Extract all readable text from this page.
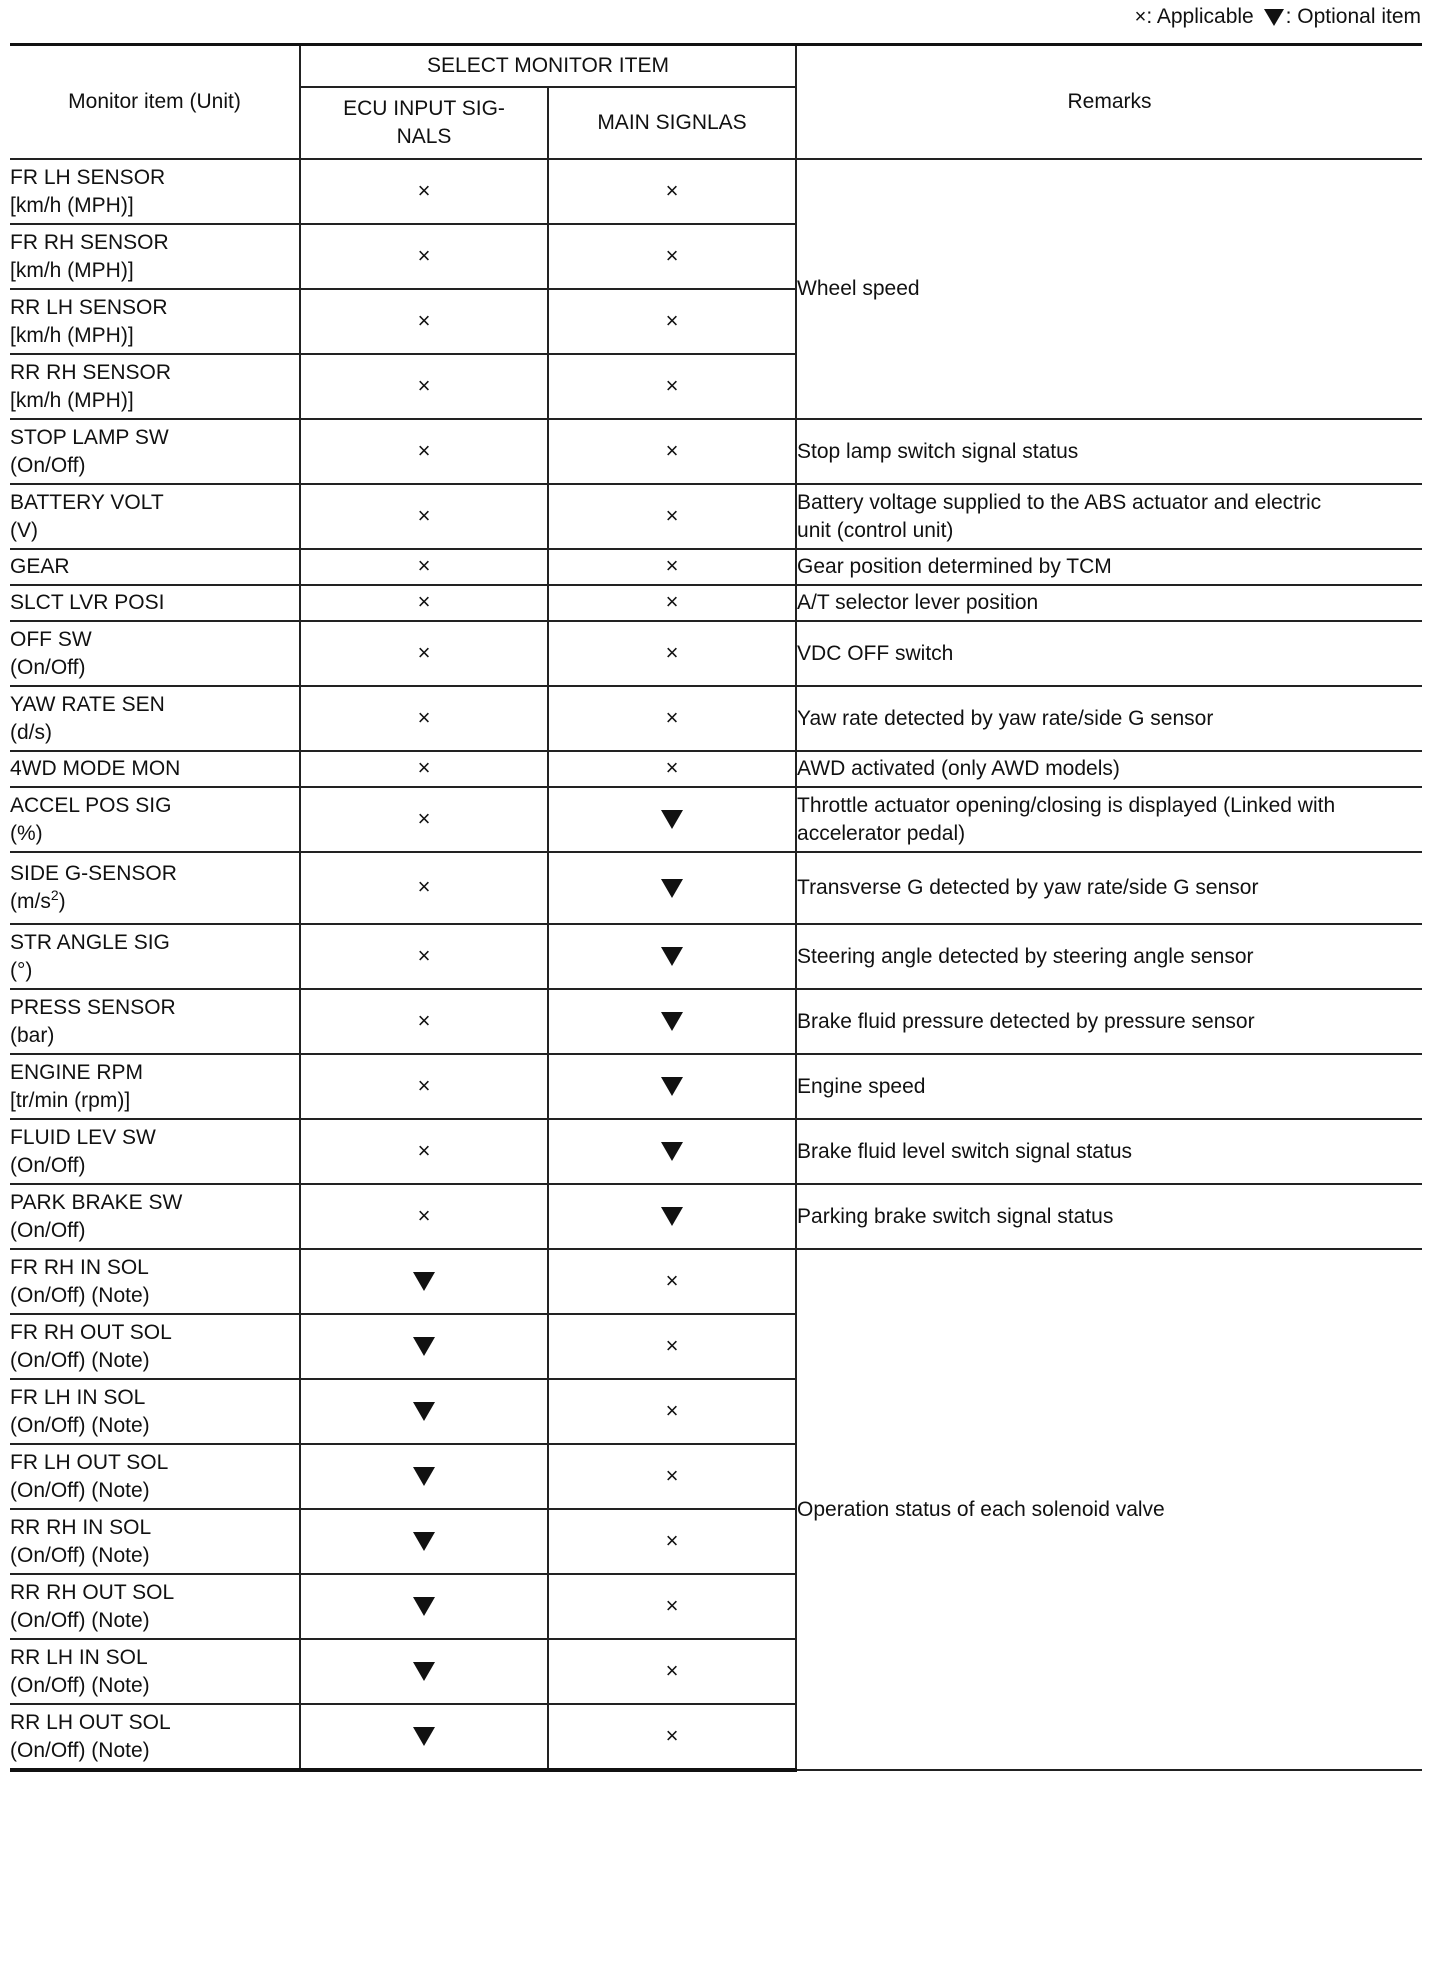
×: Applicable : Optional item
Monitor item (Unit)	SELECT MONITOR ITEM		Remarks

	ECU INPUT SIG-
NALS	MAIN SIGNLAS	

FR LH SENSOR
[km/h (MPH)]	×	×	Wheel speed

FR RH SENSOR
[km/h (MPH)]	×	×	

RR LH SENSOR
[km/h (MPH)]	×	×	

RR RH SENSOR
[km/h (MPH)]	×	×	

STOP LAMP SW
(On/Off)	×	×	Stop lamp switch signal status

BATTERY VOLT
(V)	×	×	Battery voltage supplied to the ABS actuator and electric
unit (control unit)

GEAR	×	×	Gear position determined by TCM

SLCT LVR POSI	×	×	A/T selector lever position

OFF SW
(On/Off)	×	×	VDC OFF switch

YAW RATE SEN
(d/s)	×	×	Yaw rate detected by yaw rate/side G sensor

4WD MODE MON	×	×	AWD activated (only AWD models)

ACCEL POS SIG
(%)	×		Throttle actuator opening/closing is displayed (Linked with
accelerator pedal)

SIDE G-SENSOR
$(m/s^2)$	×		Transverse G detected by yaw rate/side G sensor

STR ANGLE SIG
(°)	×		Steering angle detected by steering angle sensor

PRESS SENSOR
(bar)	×		Brake fluid pressure detected by pressure sensor

ENGINE RPM
[tr/min (rpm)]	×		Engine speed

FLUID LEV SW
(On/Off)	×		Brake fluid level switch signal status

PARK BRAKE SW
(On/Off)	×		Parking brake switch signal status

FR RH IN SOL
(On/Off) (Note)		×	Operation status of each solenoid valve

FR RH OUT SOL
(On/Off) (Note)		×	

FR LH IN SOL
(On/Off) (Note)		×	

FR LH OUT SOL
(On/Off) (Note)		×	

RR RH IN SOL
(On/Off) (Note)		×	

RR RH OUT SOL
(On/Off) (Note)		×	

RR LH IN SOL
(On/Off) (Note)		×	

RR LH OUT SOL
(On/Off) (Note)		×	
